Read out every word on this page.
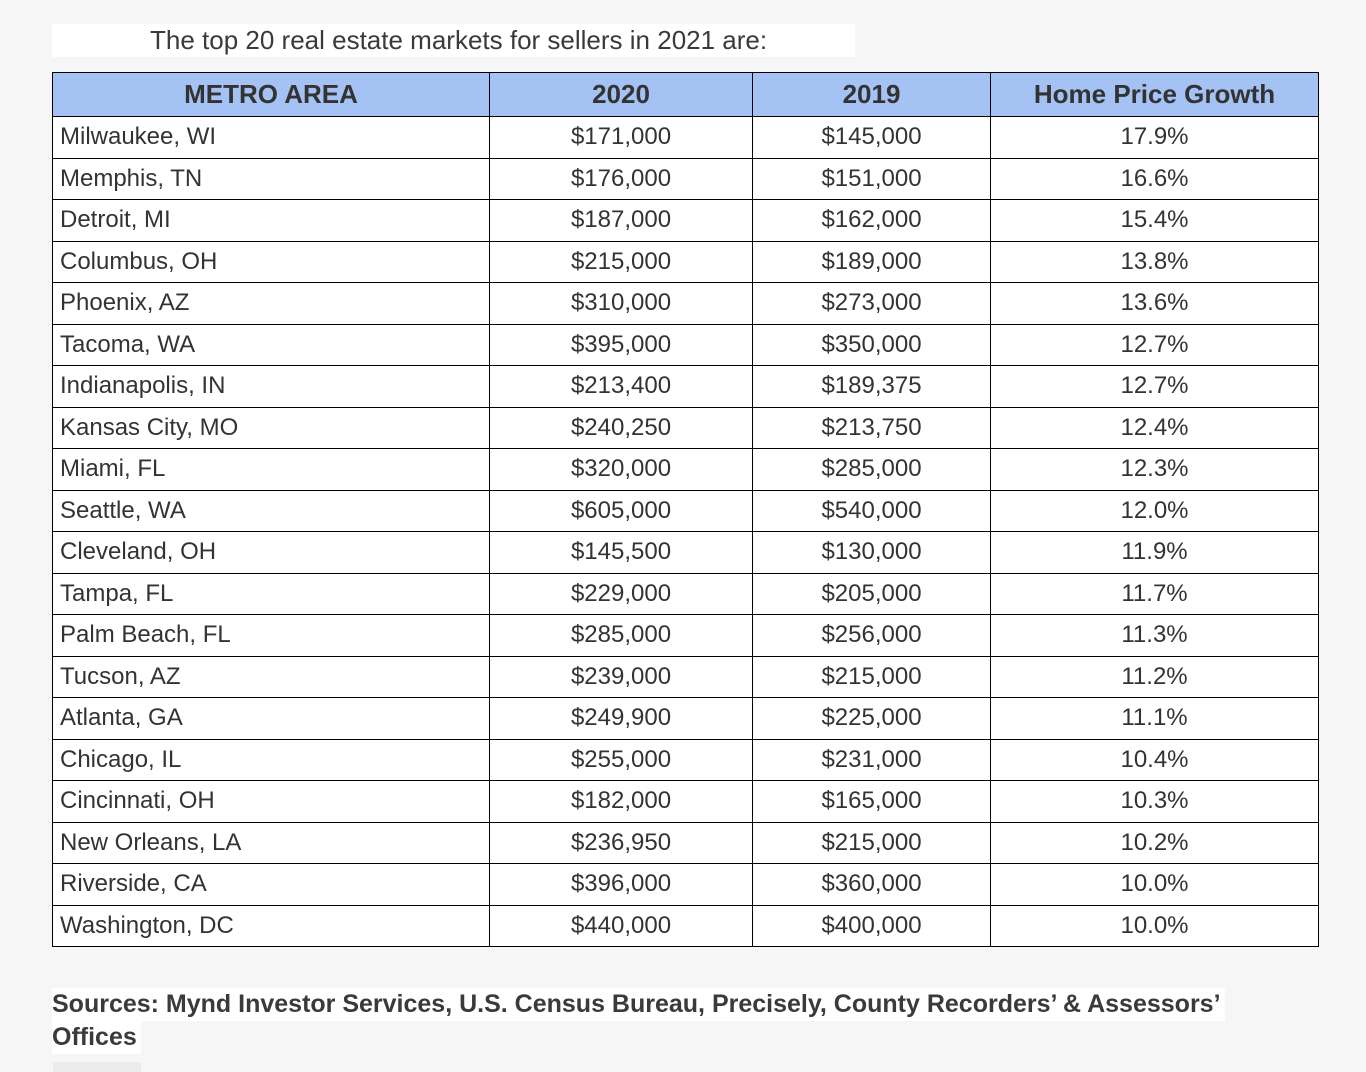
The top 20 real estate markets for sellers in 2021 are:
METRO AREA	2020	2019	Home Price Growth
Milwaukee, WI	$171,000	$145,000	17.9%
Memphis, TN	$176,000	$151,000	16.6%
Detroit, MI	$187,000	$162,000	15.4%
Columbus, OH	$215,000	$189,000	13.8%
Phoenix, AZ	$310,000	$273,000	13.6%
Tacoma, WA	$395,000	$350,000	12.7%
Indianapolis, IN	$213,400	$189,375	12.7%
Kansas City, MO	$240,250	$213,750	12.4%
Miami, FL	$320,000	$285,000	12.3%
Seattle, WA	$605,000	$540,000	12.0%
Cleveland, OH	$145,500	$130,000	11.9%
Tampa, FL	$229,000	$205,000	11.7%
Palm Beach, FL	$285,000	$256,000	11.3%
Tucson, AZ	$239,000	$215,000	11.2%
Atlanta, GA	$249,900	$225,000	11.1%
Chicago, IL	$255,000	$231,000	10.4%
Cincinnati, OH	$182,000	$165,000	10.3%
New Orleans, LA	$236,950	$215,000	10.2%
Riverside, CA	$396,000	$360,000	10.0%
Washington, DC	$440,000	$400,000	10.0%
Sources: Mynd Investor Services, U.S. Census Bureau, Precisely, County Recorders’ & Assessors’
Offices
